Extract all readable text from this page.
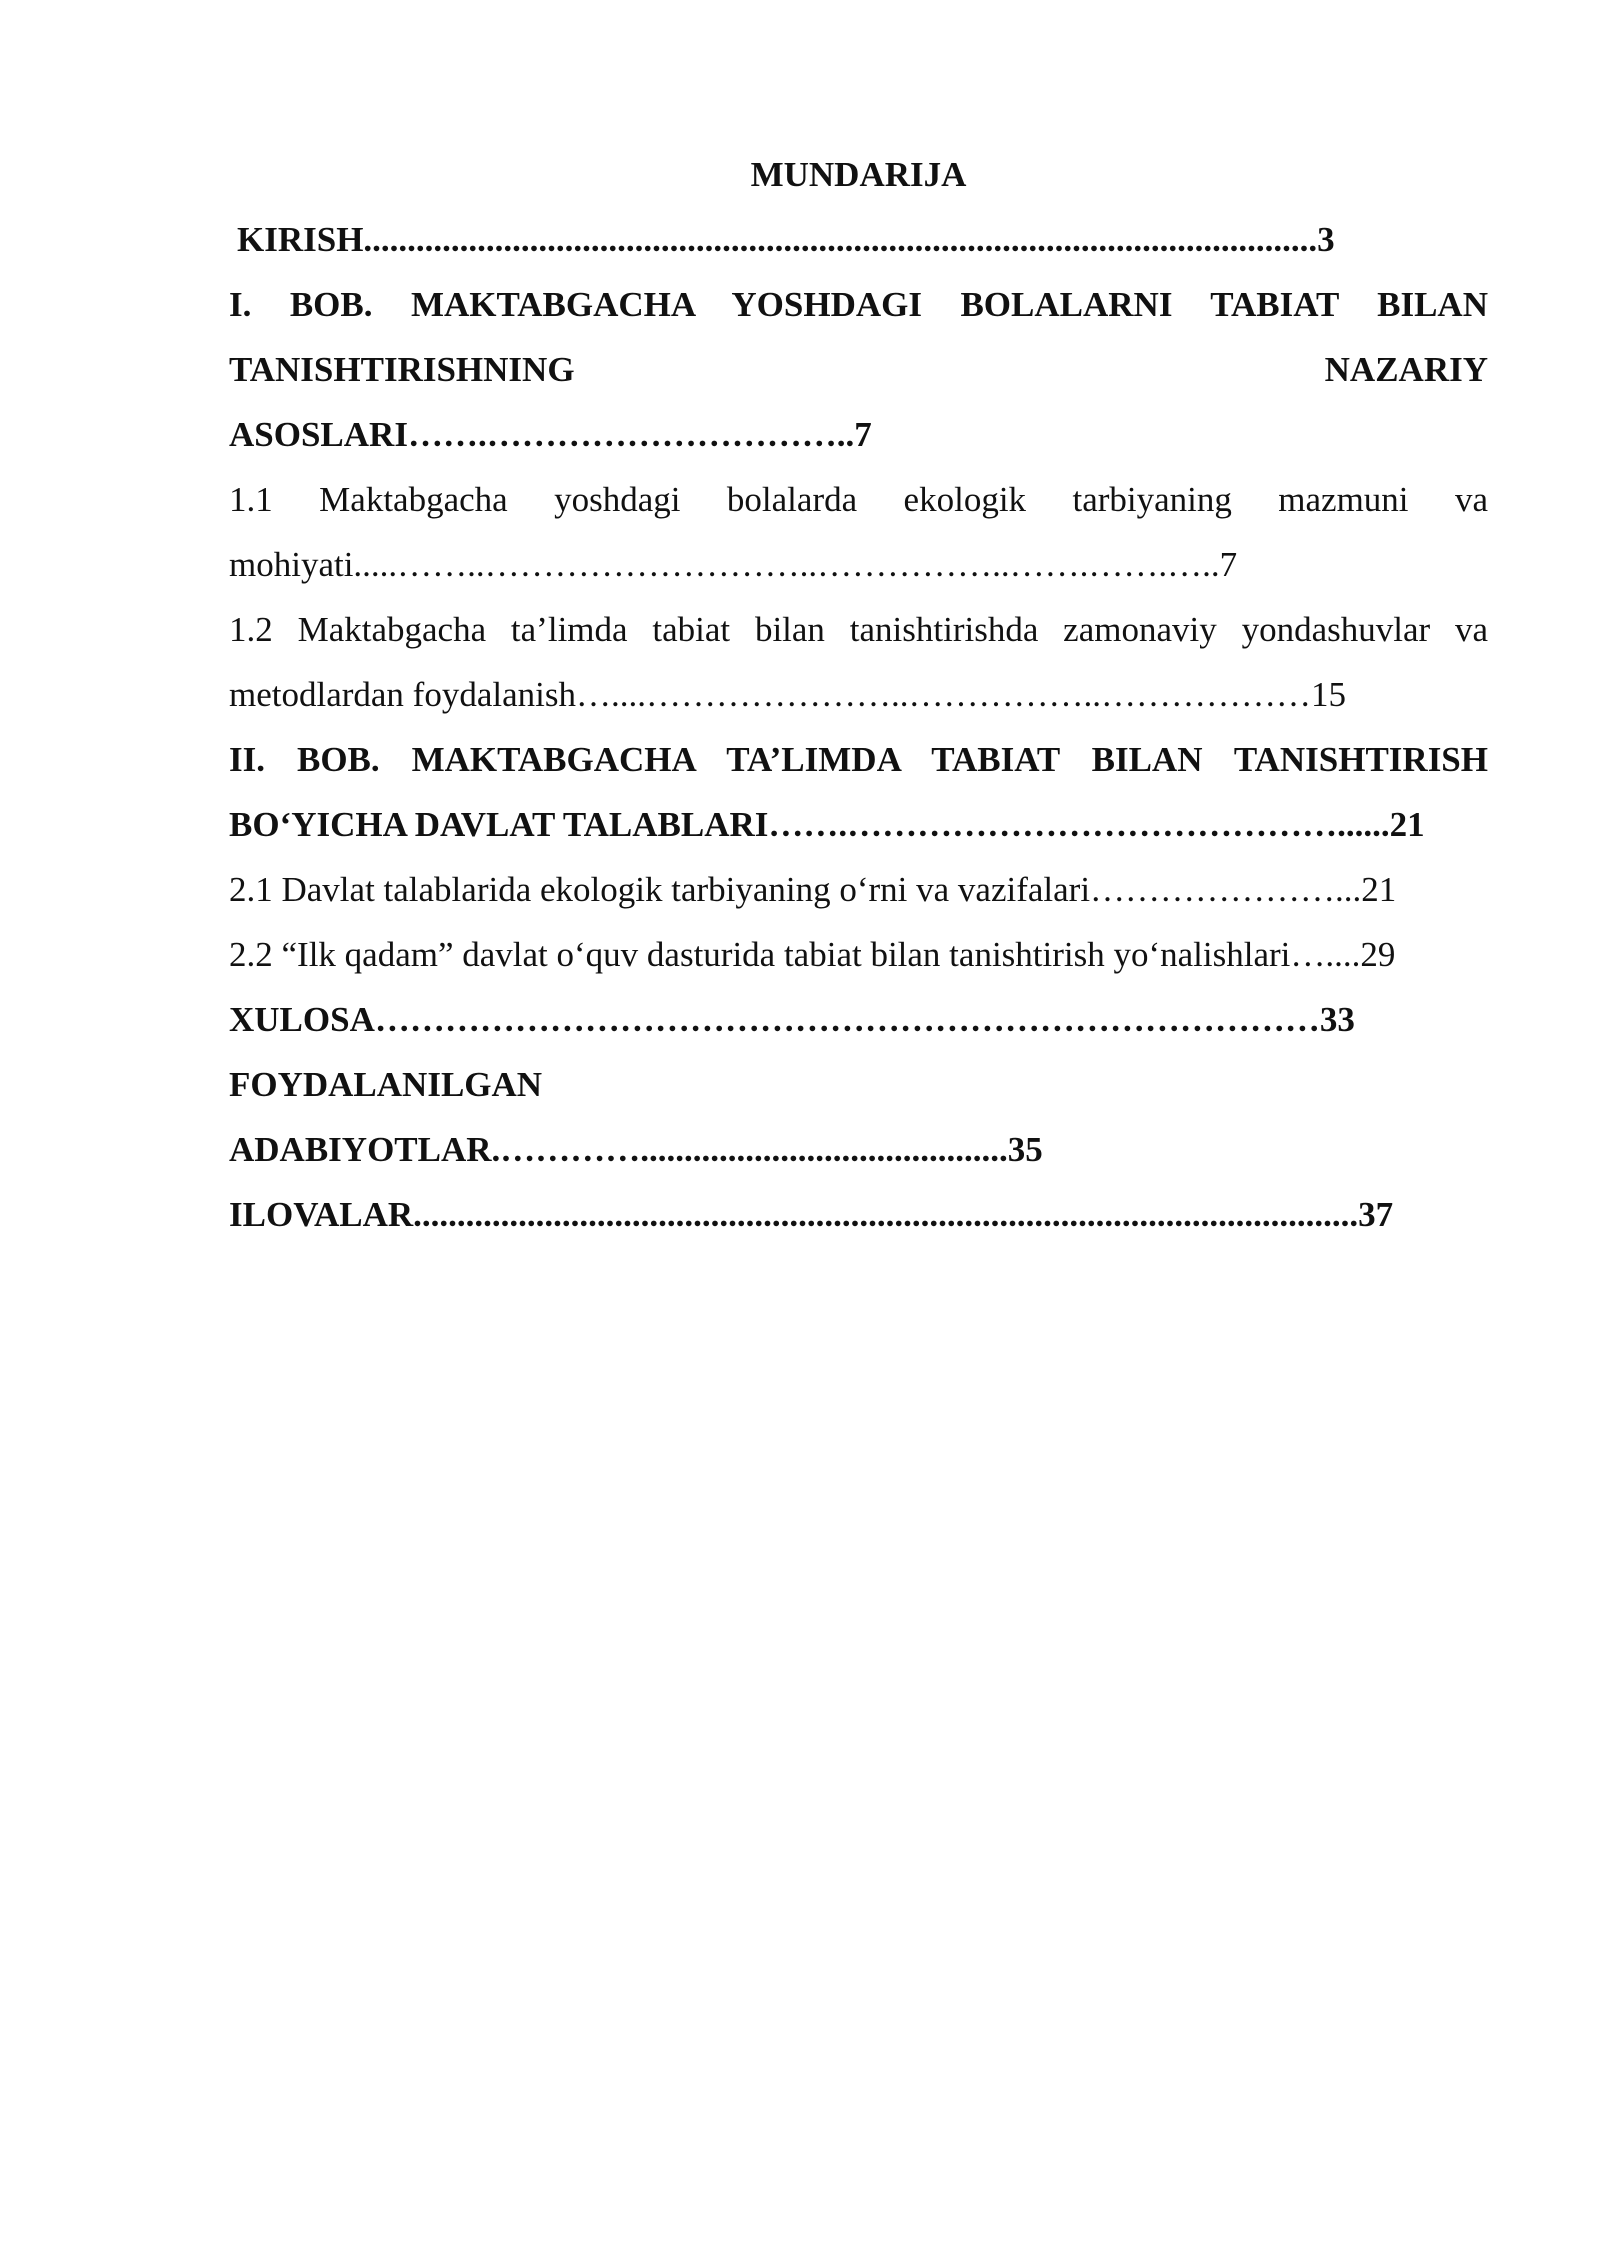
MUNDARIJA
KIRISH.............................................................................................................3
I. BOB. MAKTABGACHA YOSHDAGI BOLALARNI TABIAT BILAN
TANISHTIRISHNING	NAZARIY
ASOSLARI…….…………………………..7
1.1 Maktabgacha yoshdagi bolalarda ekologik tarbiyaning mazmuni va
mohiyati.....……..………………………..……………..…….…….…..7
1.2 Maktabgacha ta’limda tabiat bilan tanishtirishda zamonaviy yondashuvlar va
metodlardan foydalanish…....…………………..……………..………………15
II. BOB. MAKTABGACHA TA’LIMDA TABIAT BILAN TANISHTIRISH
BO‘YICHA DAVLAT TALABLARI…….……………………………………......21
2.1 Davlat talablarida ekologik tarbiyaning o‘rni va vazifalari…………………...21
2.2 “Ilk qadam” davlat o‘quv dasturida tabiat bilan tanishtirish yo‘nalishlari…....29
XULOSA………………………………………………………………………33
FOYDALANILGAN
ADABIYOTLAR.…………..........................................35
ILOVALAR............................................................................................................37
